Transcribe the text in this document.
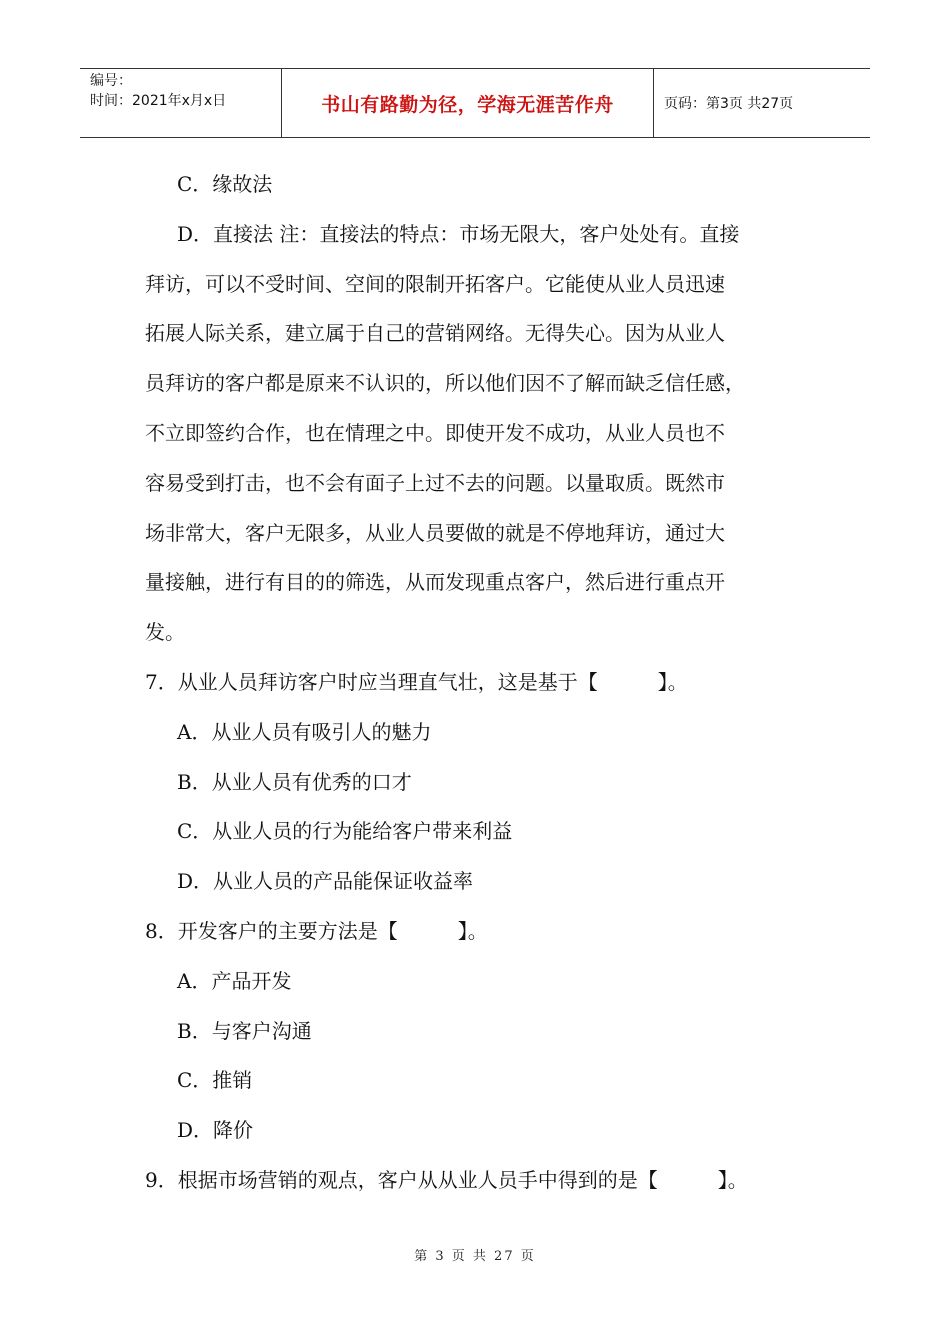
编号：
时间：2021年x月x日	书山有路勤为径，学海无涯苦作舟	页码：第3页 共27页
C．缘故法
D．直接法 注：直接法的特点：市场无限大，客户处处有。直接
拜访，可以不受时间、空间的限制开拓客户。它能使从业人员迅速
拓展人际关系，建立属于自己的营销网络。无得失心。因为从业人
员拜访的客户都是原来不认识的，所以他们因不了解而缺乏信任感，
不立即签约合作，也在情理之中。即使开发不成功，从业人员也不
容易受到打击，也不会有面子上过不去的问题。以量取质。既然市
场非常大，客户无限多，从业人员要做的就是不停地拜访，通过大
量接触，进行有目的的筛选，从而发现重点客户，然后进行重点开
发。
7．从业人员拜访客户时应当理直气壮，这是基于【　　　】。
A．从业人员有吸引人的魅力
B．从业人员有优秀的口才
C．从业人员的行为能给客户带来利益
D．从业人员的产品能保证收益率
8．开发客户的主要方法是【　　　】。
A．产品开发
B．与客户沟通
C．推销
D．降价
9．根据市场营销的观点，客户从从业人员手中得到的是【　　　】。
第 3 页 共 27 页
